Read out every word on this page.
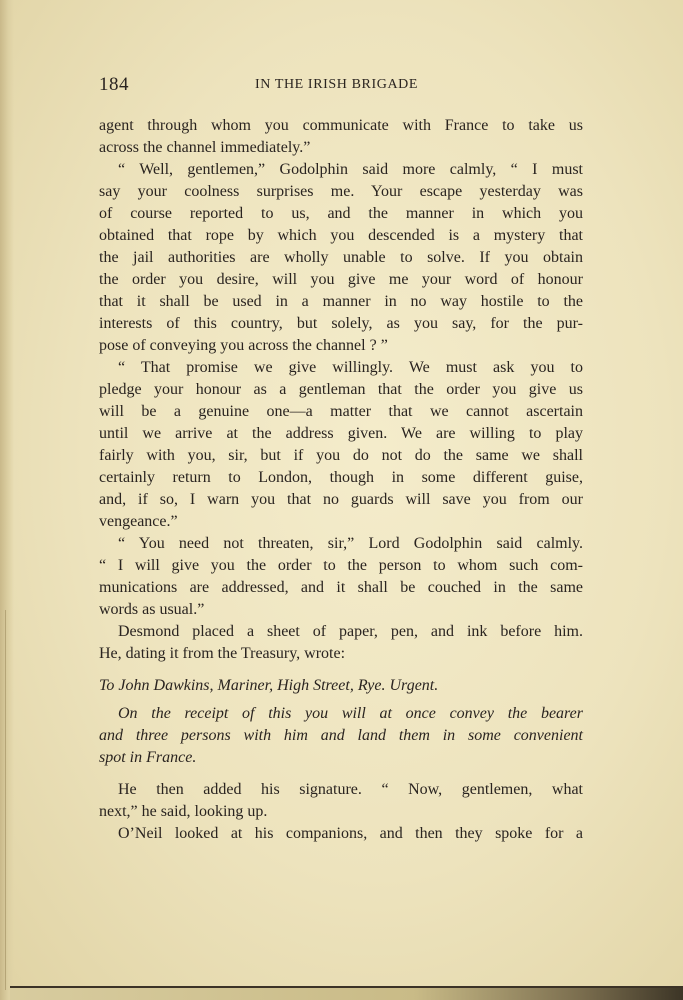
184	IN THE IRISH BRIGADE
agent through whom you communicate with France to take us
across the channel immediately.”
“ Well, gentlemen,” Godolphin said more calmly, “ I must
say your coolness surprises me. Your escape yesterday was
of course reported to us, and the manner in which you
obtained that rope by which you descended is a mystery that
the jail authorities are wholly unable to solve. If you obtain
the order you desire, will you give me your word of honour
that it shall be used in a manner in no way hostile to the
interests of this country, but solely, as you say, for the pur-
pose of conveying you across the channel ? ”
“ That promise we give willingly. We must ask you to
pledge your honour as a gentleman that the order you give us
will be a genuine one—a matter that we cannot ascertain
until we arrive at the address given. We are willing to play
fairly with you, sir, but if you do not do the same we shall
certainly return to London, though in some different guise,
and, if so, I warn you that no guards will save you from our
vengeance.”
“ You need not threaten, sir,” Lord Godolphin said calmly.
“ I will give you the order to the person to whom such com-
munications are addressed, and it shall be couched in the same
words as usual.”
Desmond placed a sheet of paper, pen, and ink before him.
He, dating it from the Treasury, wrote:
To John Dawkins, Mariner, High Street, Rye. Urgent.
On the receipt of this you will at once convey the bearer
and three persons with him and land them in some convenient
spot in France.
He then added his signature. “ Now, gentlemen, what
next,” he said, looking up.
O’Neil looked at his companions, and then they spoke for a
